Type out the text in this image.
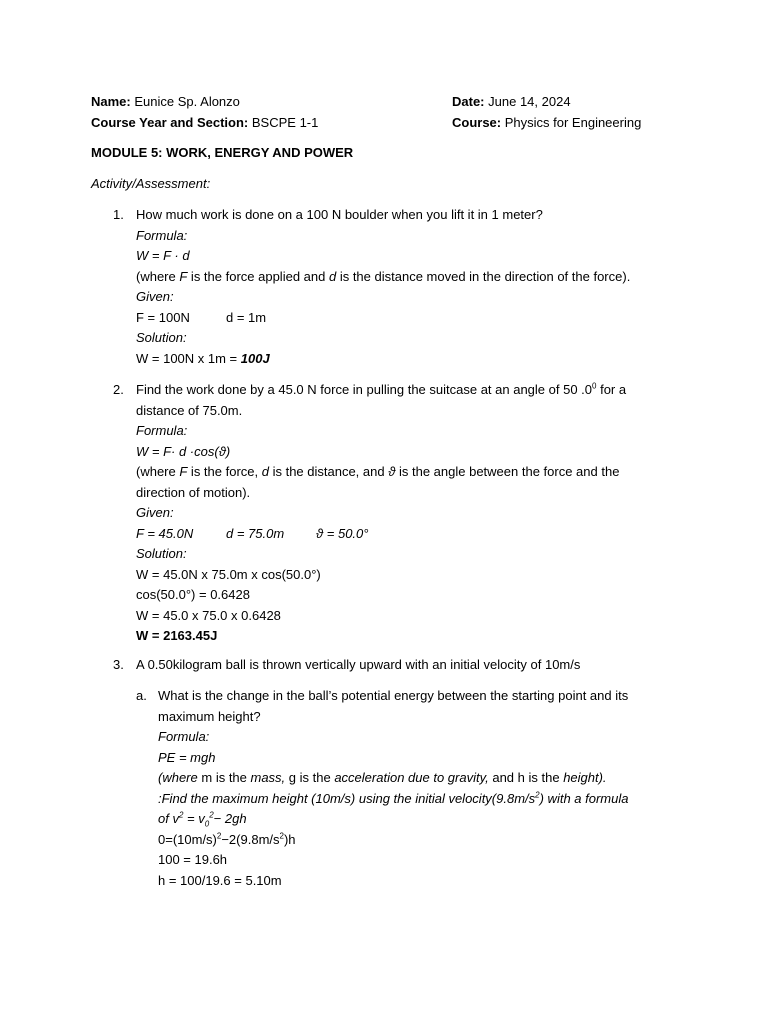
Name: Eunice Sp. Alonzo	Date: June 14, 2024
Course Year and Section: BSCPE 1-1	Course: Physics for Engineering
MODULE 5: WORK, ENERGY AND POWER
Activity/Assessment:
1. How much work is done on a 100 N boulder when you lift it in 1 meter?
Formula:
W = F · d
(where F is the force applied and d is the distance moved in the direction of the force).
Given:
F = 100N	d = 1m
Solution:
W = 100N x 1m = 100J
2. Find the work done by a 45.0 N force in pulling the suitcase at an angle of 50 $.0^0$ for a
distance of 75.0m.
Formula:
W = F· d ·cos(ϑ)
(where F is the force, d is the distance, and ϑ is the angle between the force and the
direction of motion).
Given:
F = 45.0N	d = 75.0m ϑ = 50.0°
Solution:
W = 45.0N x 75.0m x cos(50.0°)
cos(50.0°) = 0.6428
W = 45.0 x 75.0 x 0.6428
W = 2163.45J
3. A 0.50kilogram ball is thrown vertically upward with an initial velocity of 10m/s
a. What is the change in the ball’s potential energy between the starting point and its
maximum height?
Formula:
PE = mgh
(where m is the mass, g is the acceleration due to gravity, and h is the height).
:Find the maximum height (10m/s) using the initial $velocity(9.8m/s^2)$ with a formula
of $v^2 = v_0^2- 2gh$
$0=(10m/s)^2-2(9.8m/s^2)h$
100 = 19.6h
h = 100/19.6 = 5.10m
